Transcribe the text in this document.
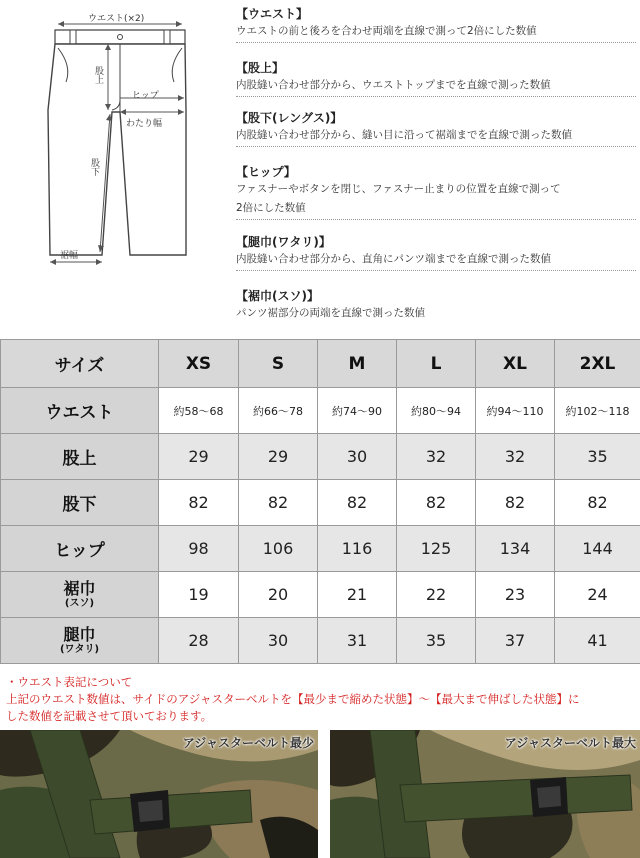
ウエスト(×2)
股上
ヒップ
わたり幅
股下
裾幅
【ウエスト】
ウエストの前と後ろを合わせ両端を直線で測って2倍にした数値
【股上】
内股縫い合わせ部分から、ウエストトップまでを直線で測った数値
【股下(レングス)】
内股縫い合わせ部分から、縫い目に沿って裾端までを直線で測った数値
【ヒップ】
ファスナーやボタンを閉じ、ファスナー止まりの位置を直線で測って
2倍にした数値
【腿巾(ワタリ)】
内股縫い合わせ部分から、直角にパンツ端までを直線で測った数値
【裾巾(スソ)】
パンツ裾部分の両端を直線で測った数値
サイズ	XS	S	M	L	XL	2XL
ウエスト	約58～68	約66～78	約74～90	約80～94	約94～110	約102～118
股上	29	29	30	32	32	35
股下	82	82	82	82	82	82
ヒップ	98	106	116	125	134	144

裾巾
(スソ)	19	20	21	22	23	24

腿巾
(ワタリ)	28	30	31	35	37	41
・ウエスト表記について
上記のウエスト数値は、サイドのアジャスターベルトを【最少まで縮めた状態】～【最大まで伸ばした状態】に
した数値を記載させて頂いております。
アジャスターベルト最少	アジャスターベルト最大
